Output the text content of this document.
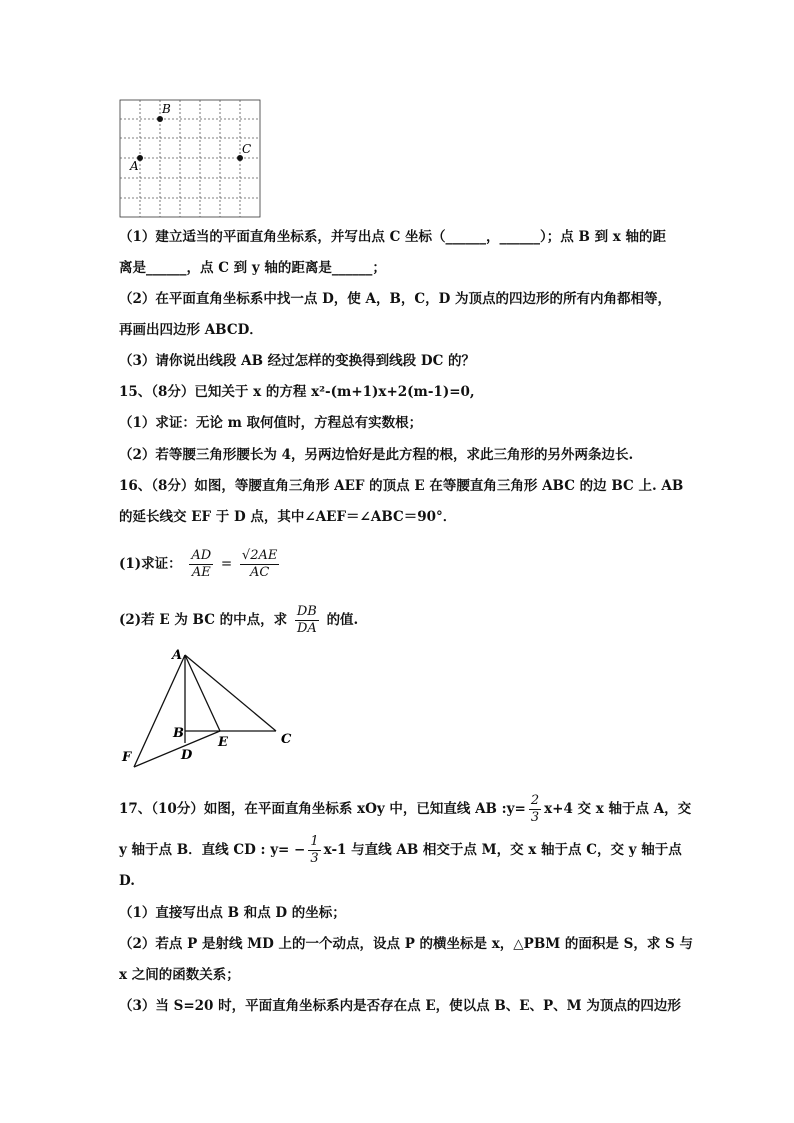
B
A
C
（1）建立适当的平面直角坐标系，并写出点 C 坐标（______，______）；点 B 到 x 轴的距
离是______，点 C 到 y 轴的距离是______；
（2）在平面直角坐标系中找一点 D，使 A，B，C，D 为顶点的四边形的所有内角都相等，
再画出四边形 ABCD．
（3）请你说出线段 AB 经过怎样的变换得到线段 DC 的？
15、（8分）已知关于 x 的方程 x²-(m+1)x+2(m-1)=0,
（1）求证：无论 m 取何值时，方程总有实数根；
（2）若等腰三角形腰长为 4，另两边恰好是此方程的根，求此三角形的另外两条边长.
16、（8分）如图，等腰直角三角形 AEF 的顶点 E 在等腰直角三角形 ABC 的边 BC 上. AB
的延长线交 EF 于 D 点，其中∠AEF＝∠ABC＝90°．
(1)求证： $\frac{AD}{AE} = \frac{√2AE}{AC}$
(2)若 E 为 BC 的中点，求 $\frac{DB}{DA}$ 的值.
A
B
E	C
F	D
17、（10分）如图，在平面直角坐标系 xOy 中，已知直线 AB :y= $\frac{2}{3} x+4$ 交 x 轴于点 A，交
y 轴于点 B．直线 CD : $y= - \frac{1}{3} x-1$ 与直线 AB 相交于点 M，交 x 轴于点 C，交 y 轴于点
D.
（1）直接写出点 B 和点 D 的坐标；
（2）若点 P 是射线 MD 上的一个动点，设点 P 的横坐标是 x，△PBM 的面积是 S，求 S 与
x 之间的函数关系；
（3）当 S=20 时，平面直角坐标系内是否存在点 E，使以点 B、E、P、M 为顶点的四边形
